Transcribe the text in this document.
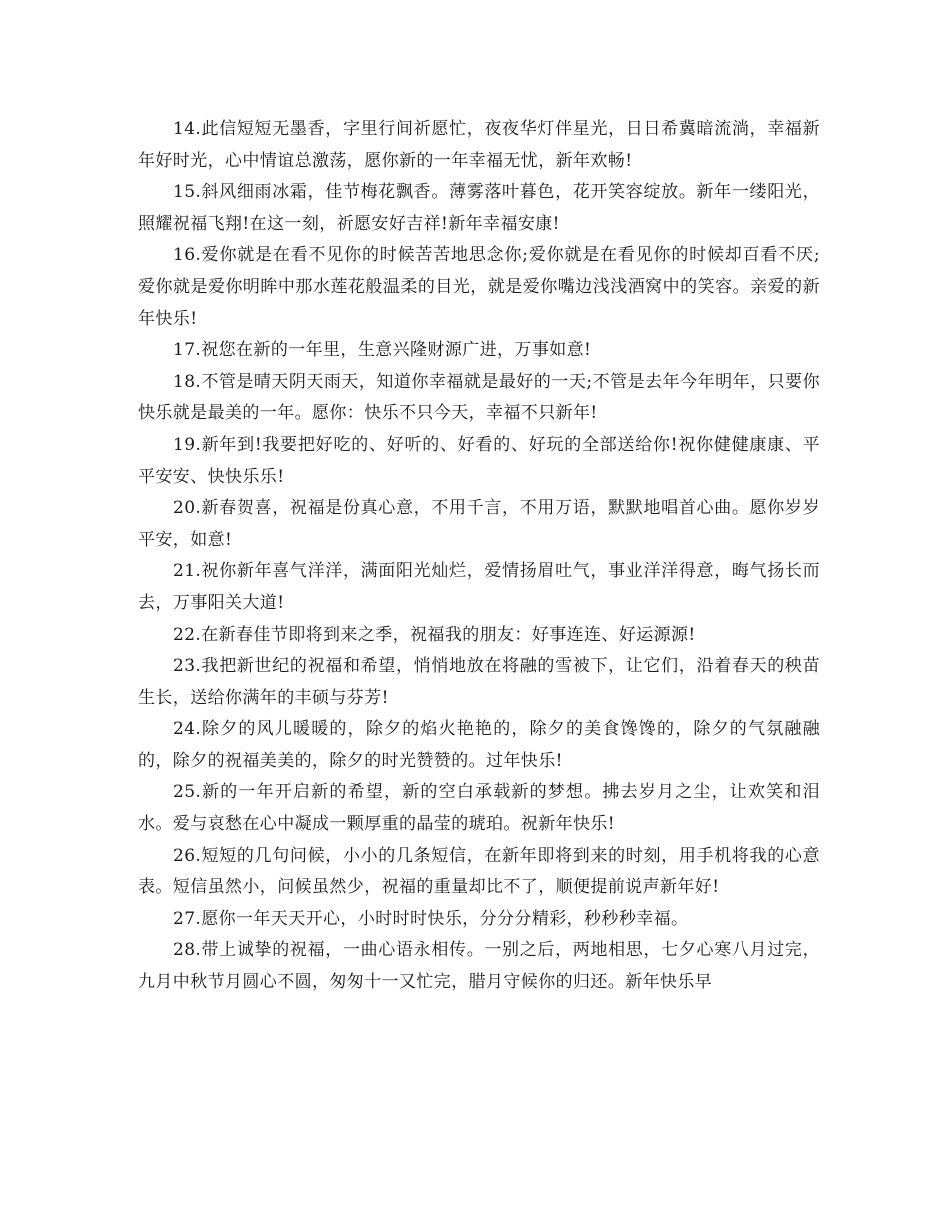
14.此信短短无墨香，字里行间祈愿忙，夜夜华灯伴星光，日日希冀暗流淌，幸福新年好时光，心中情谊总激荡，愿你新的一年幸福无忧，新年欢畅!

15.斜风细雨冰霜，佳节梅花飘香。薄雾落叶暮色，花开笑容绽放。新年一缕阳光，照耀祝福飞翔!在这一刻，祈愿安好吉祥!新年幸福安康!

16.爱你就是在看不见你的时候苦苦地思念你;爱你就是在看见你的时候却百看不厌;爱你就是爱你明眸中那水莲花般温柔的目光，就是爱你嘴边浅浅酒窝中的笑容。亲爱的新年快乐!

17.祝您在新的一年里，生意兴隆财源广进，万事如意!

18.不管是晴天阴天雨天，知道你幸福就是最好的一天;不管是去年今年明年，只要你快乐就是最美的一年。愿你：快乐不只今天，幸福不只新年!

19.新年到!我要把好吃的、好听的、好看的、好玩的全部送给你!祝你健健康康、平平安安、快快乐乐!

20.新春贺喜，祝福是份真心意，不用千言，不用万语，默默地唱首心曲。愿你岁岁平安，如意!

21.祝你新年喜气洋洋，满面阳光灿烂，爱情扬眉吐气，事业洋洋得意，晦气扬长而去，万事阳关大道!

22.在新春佳节即将到来之季，祝福我的朋友：好事连连、好运源源!

23.我把新世纪的祝福和希望，悄悄地放在将融的雪被下，让它们，沿着春天的秧苗生长，送给你满年的丰硕与芬芳!

24.除夕的风儿暖暖的，除夕的焰火艳艳的，除夕的美食馋馋的，除夕的气氛融融的，除夕的祝福美美的，除夕的时光赞赞的。过年快乐!

25.新的一年开启新的希望，新的空白承载新的梦想。拂去岁月之尘，让欢笑和泪水。爱与哀愁在心中凝成一颗厚重的晶莹的琥珀。祝新年快乐!

26.短短的几句问候，小小的几条短信，在新年即将到来的时刻，用手机将我的心意表。短信虽然小，问候虽然少，祝福的重量却比不了，顺便提前说声新年好!

27.愿你一年天天开心，小时时时快乐，分分分精彩，秒秒秒幸福。

28.带上诚挚的祝福，一曲心语永相传。一别之后，两地相思，七夕心寒八月过完，九月中秋节月圆心不圆，匆匆十一又忙完，腊月守候你的归还。新年快乐早
